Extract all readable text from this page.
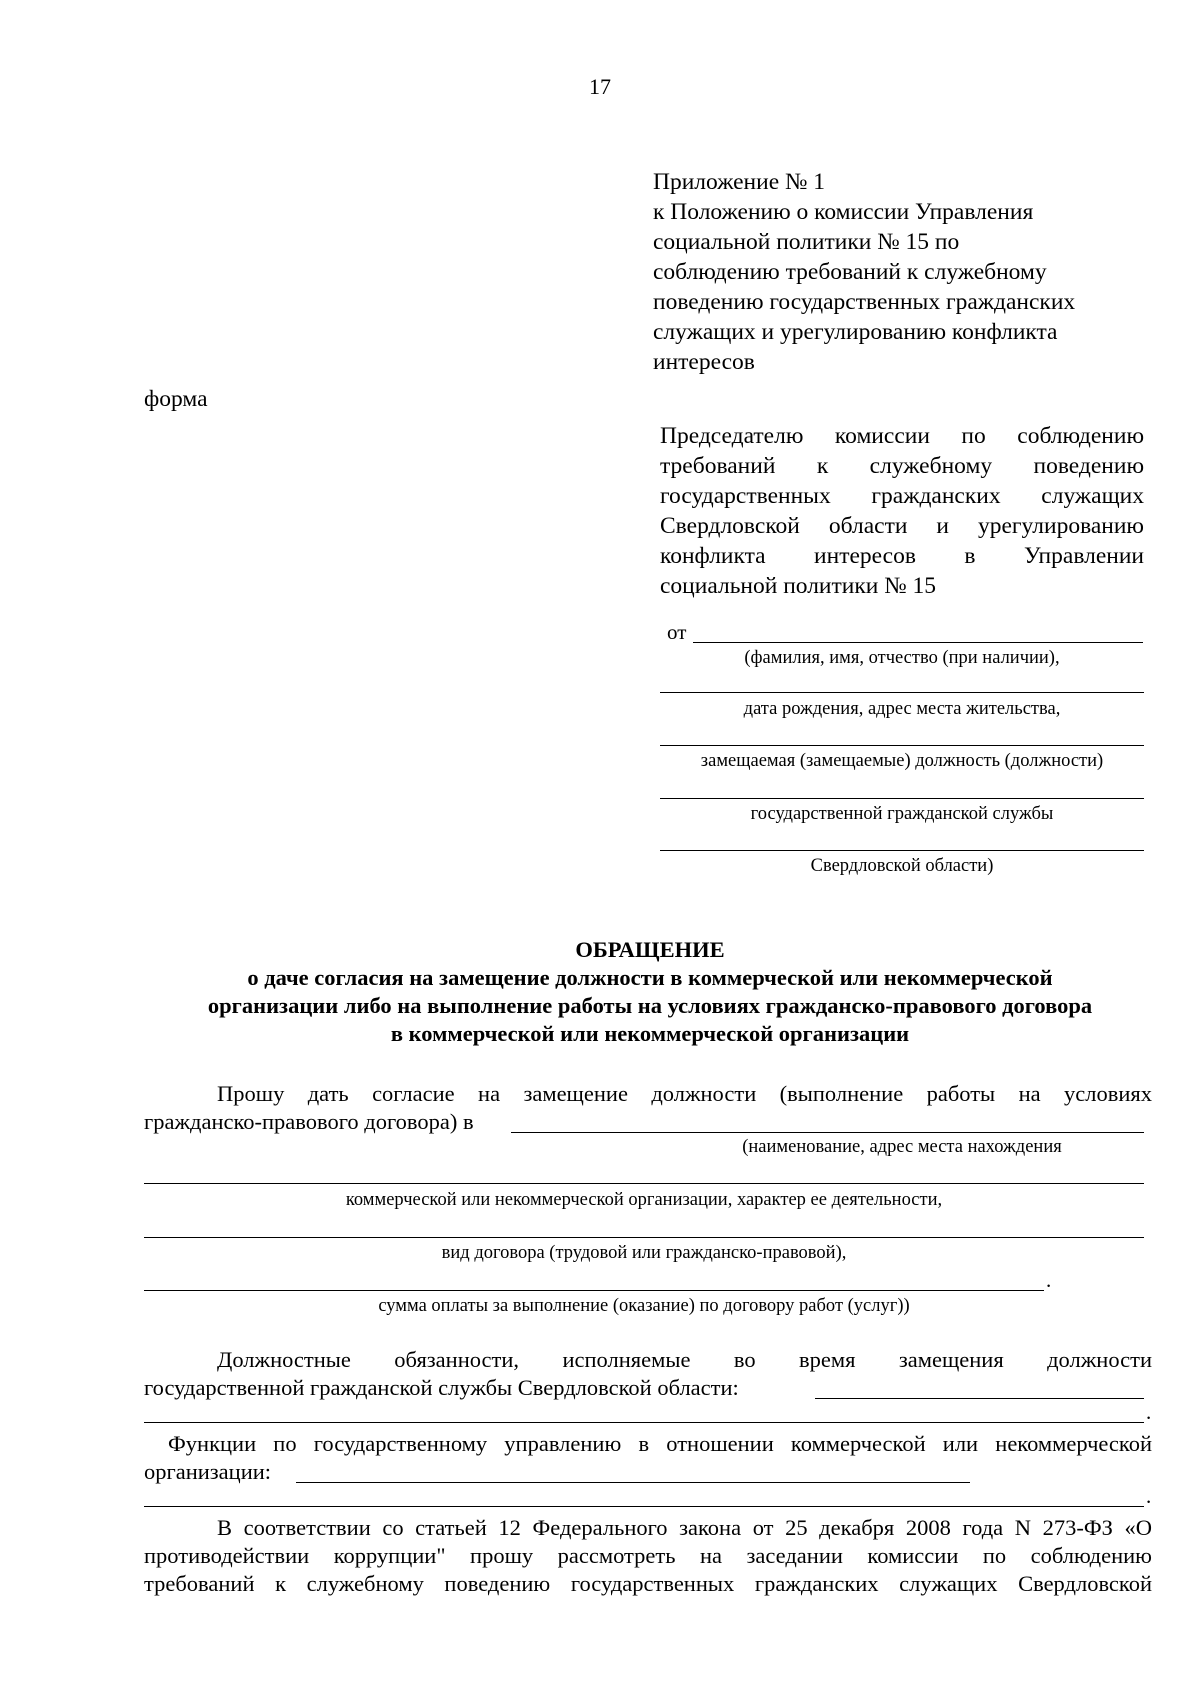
17
Приложение № 1
к Положению о комиссии Управления
социальной политики № 15 по
соблюдению требований к служебному
поведению государственных гражданских
служащих и урегулированию конфликта
интересов
форма
Председателю комиссии по соблюдению
требований к служебному поведению
государственных гражданских служащих
Свердловской области и урегулированию
конфликта интересов в Управлении
социальной политики № 15
от
(фамилия, имя, отчество (при наличии),
дата рождения, адрес места жительства,
замещаемая (замещаемые) должность (должности)
государственной гражданской службы
Свердловской области)
ОБРАЩЕНИЕ
о даче согласия на замещение должности в коммерческой или некоммерческой
организации либо на выполнение работы на условиях гражданско-правового договора
в коммерческой или некоммерческой организации
Прошу дать согласие на замещение должности (выполнение работы на условиях
гражданско-правового договора) в
(наименование, адрес места нахождения
коммерческой или некоммерческой организации, характер ее деятельности,
вид договора (трудовой или гражданско-правовой),
.
сумма оплаты за выполнение (оказание) по договору работ (услуг))
Должностные обязанности, исполняемые во время замещения должности
государственной гражданской службы Свердловской области:
.
Функции по государственному управлению в отношении коммерческой или некоммерческой
организации:
.
В соответствии со статьей 12 Федерального закона от 25 декабря 2008 года N 273-ФЗ «О
противодействии коррупции" прошу рассмотреть на заседании комиссии по соблюдению
требований к служебному поведению государственных гражданских служащих Свердловской
